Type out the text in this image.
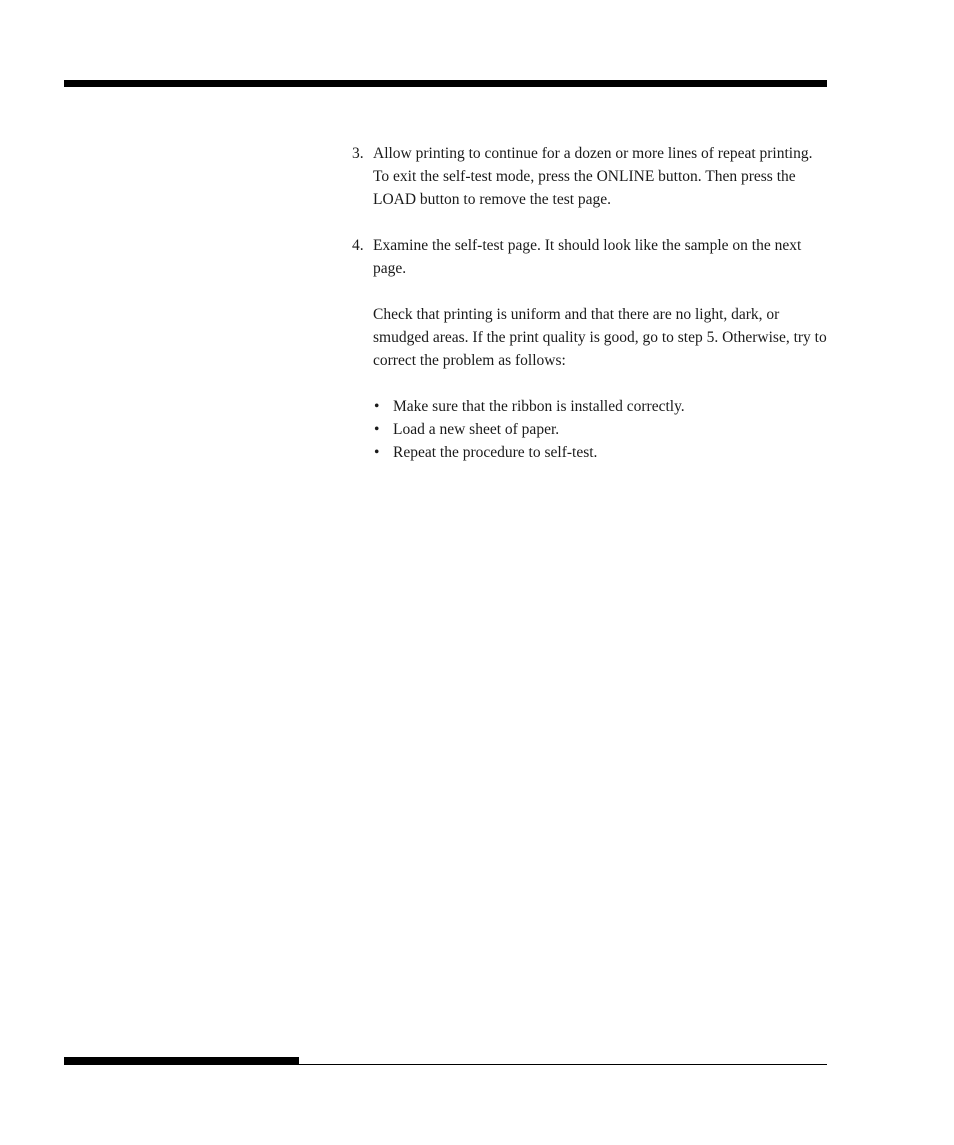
3. Allow printing to continue for a dozen or more lines of repeat printing. To exit the self-test mode, press the ONLINE button. Then press the LOAD button to remove the test page.

4. Examine the self-test page. It should look like the sample on the next page.

Check that printing is uniform and that there are no light, dark, or smudged areas. If the print quality is good, go to step 5. Otherwise, try to correct the problem as follows:

• Make sure that the ribbon is installed correctly.
• Load a new sheet of paper.
• Repeat the procedure to self-test.
